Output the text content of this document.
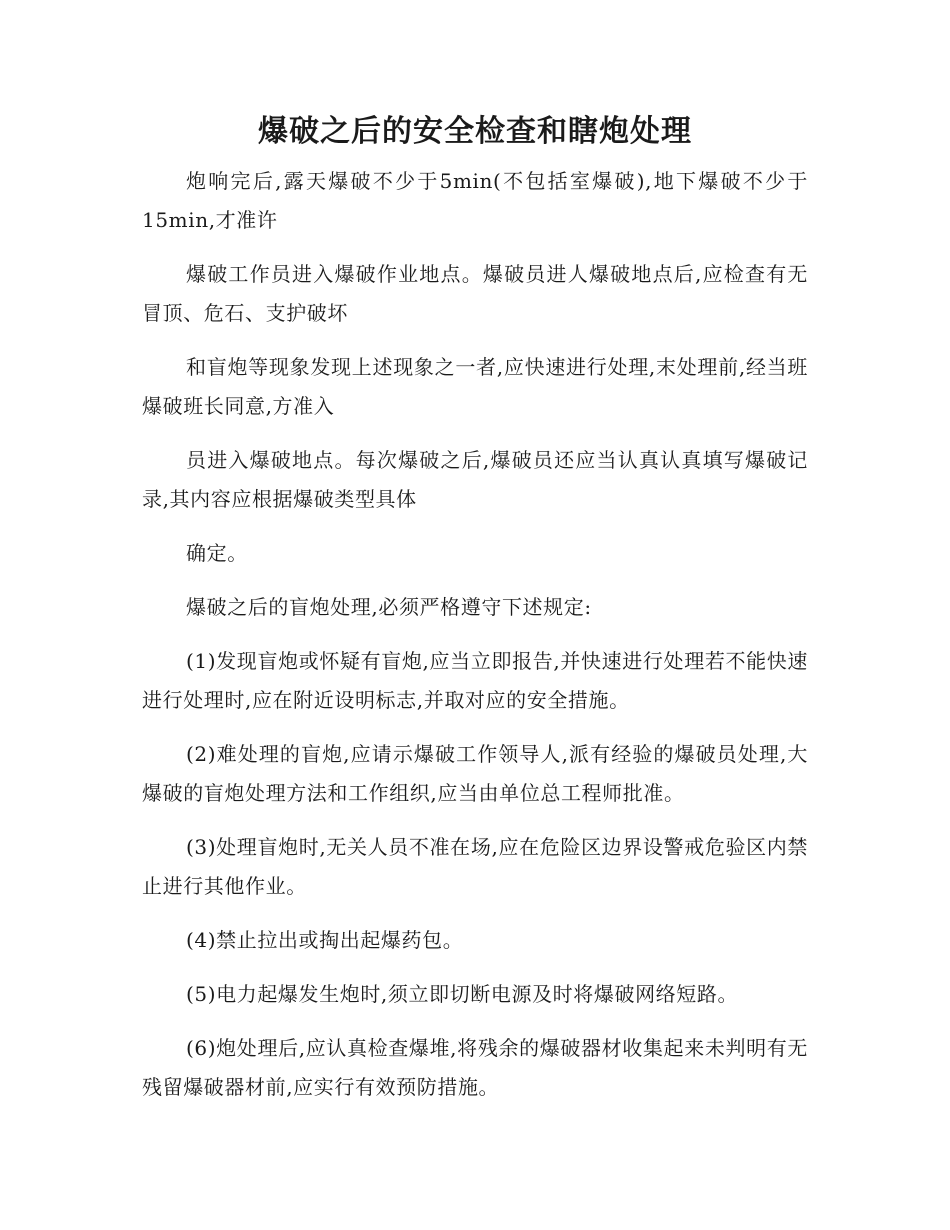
爆破之后的安全检查和瞎炮处理

炮响完后,露天爆破不少于5min(不包括室爆破),地下爆破不少于15min,才准许

爆破工作员进入爆破作业地点。爆破员进人爆破地点后,应检查有无冒顶、危石、支护破坏

和盲炮等现象发现上述现象之一者,应快速进行处理,末处理前,经当班爆破班长同意,方准入

员进入爆破地点。每次爆破之后,爆破员还应当认真认真填写爆破记录,其内容应根据爆破类型具体

确定。

爆破之后的盲炮处理,必须严格遵守下述规定:

(1)发现盲炮或怀疑有盲炮,应当立即报告,并快速进行处理若不能快速进行处理时,应在附近设明标志,并取对应的安全措施。

(2)难处理的盲炮,应请示爆破工作领导人,派有经验的爆破员处理,大爆破的盲炮处理方法和工作组织,应当由单位总工程师批准。

(3)处理盲炮时,无关人员不准在场,应在危险区边界设警戒危验区内禁止进行其他作业。

(4)禁止拉出或掏出起爆药包。

(5)电力起爆发生炮时,须立即切断电源及时将爆破网络短路。

(6)炮处理后,应认真检查爆堆,将残余的爆破器材收集起来未判明有无残留爆破器材前,应实行有效预防措施。
